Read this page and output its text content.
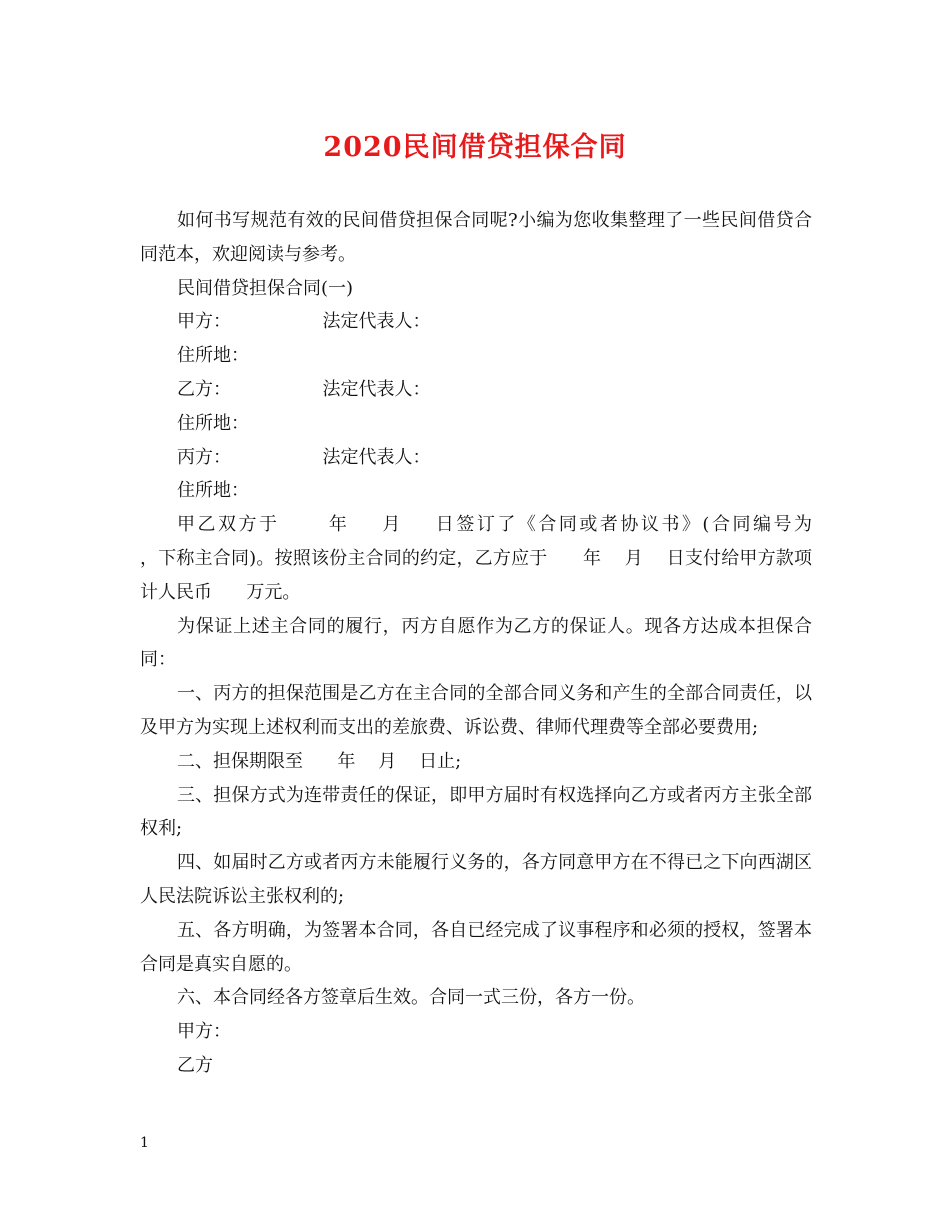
2020民间借贷担保合同

如何书写规范有效的民间借贷担保合同呢?小编为您收集整理了一些民间借贷合同范本，欢迎阅读与参考。

民间借贷担保合同(一)

甲方：                法定代表人：

住所地：

乙方：                法定代表人：

住所地：

丙方：                法定代表人：

住所地：

甲乙双方于      年    月    日签订了《合同或者协议书》(合同编号为              ，下称主合同)。按照该份主合同的约定，乙方应于      年    月    日支付给甲方款项计人民币      万元。

为保证上述主合同的履行，丙方自愿作为乙方的保证人。现各方达成本担保合同：

一、丙方的担保范围是乙方在主合同的全部合同义务和产生的全部合同责任，以及甲方为实现上述权利而支出的差旅费、诉讼费、律师代理费等全部必要费用;

二、担保期限至      年    月    日止;

三、担保方式为连带责任的保证，即甲方届时有权选择向乙方或者丙方主张全部权利;

四、如届时乙方或者丙方未能履行义务的，各方同意甲方在不得已之下向西湖区人民法院诉讼主张权利的;

五、各方明确，为签署本合同，各自已经完成了议事程序和必须的授权，签署本合同是真实自愿的。

六、本合同经各方签章后生效。合同一式三份，各方一份。

甲方：

乙方

1
